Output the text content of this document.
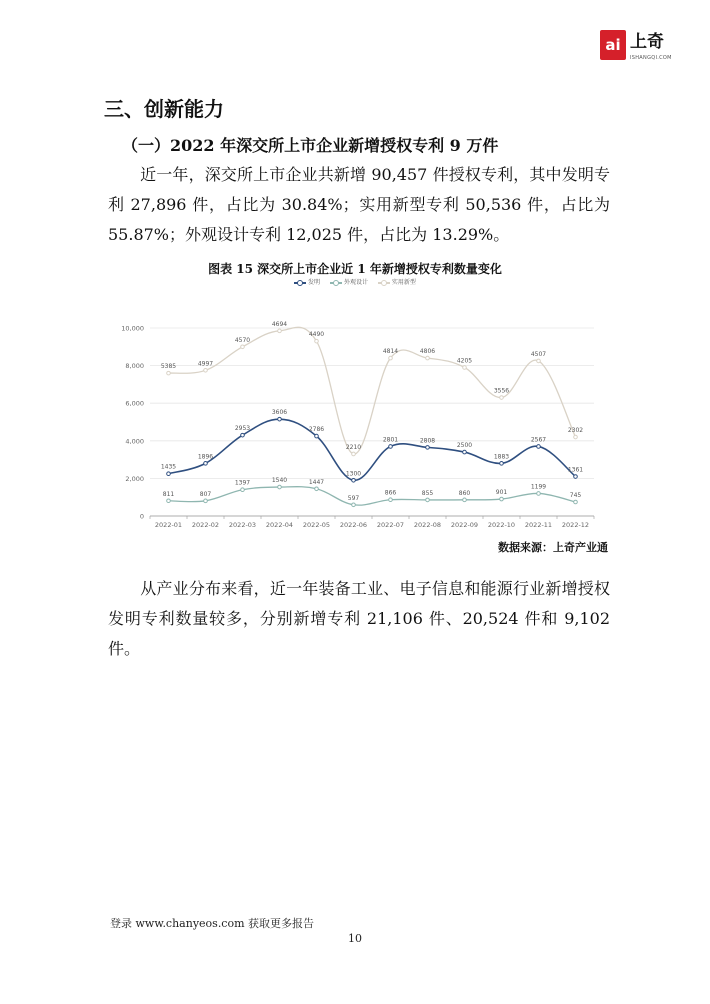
ai 上奇
ISHANGQI.COM
三、创新能力
（一）2022 年深交所上市企业新增授权专利 9 万件
近一年，深交所上市企业共新增 90,457 件授权专利，其中发明专利 27,896 件，占比为 30.84%；实用新型专利 50,536 件，占比为 55.87%；外观设计专利 12,025 件，占比为 13.29%。
图表 15 深交所上市企业近 1 年新增授权专利数量变化
发明	外观设计	实用新型
0
2,000
4,000
6,000
8,000
10,000
2022-01 2022-02 2022-03 2022-04 2022-05 2022-06 2022-07 2022-08 2022-09 2022-10 2022-11 2022-12
5385	4997
4570
4694
4490
2210
4814	4806
4205
3556
4507
2302
811	807
1397	1540	1447
597
866	855	860	901
1199
745
1435
1896
2953
3606
2786
1300
2801	2808
2500
1883
2567
1361
数据来源：上奇产业通
从产业分布来看，近一年装备工业、电子信息和能源行业新增授权发明专利数量较多，分别新增专利 21,106 件、20,524 件和 9,102 件。
登录 www.chanyeos.com 获取更多报告
10
